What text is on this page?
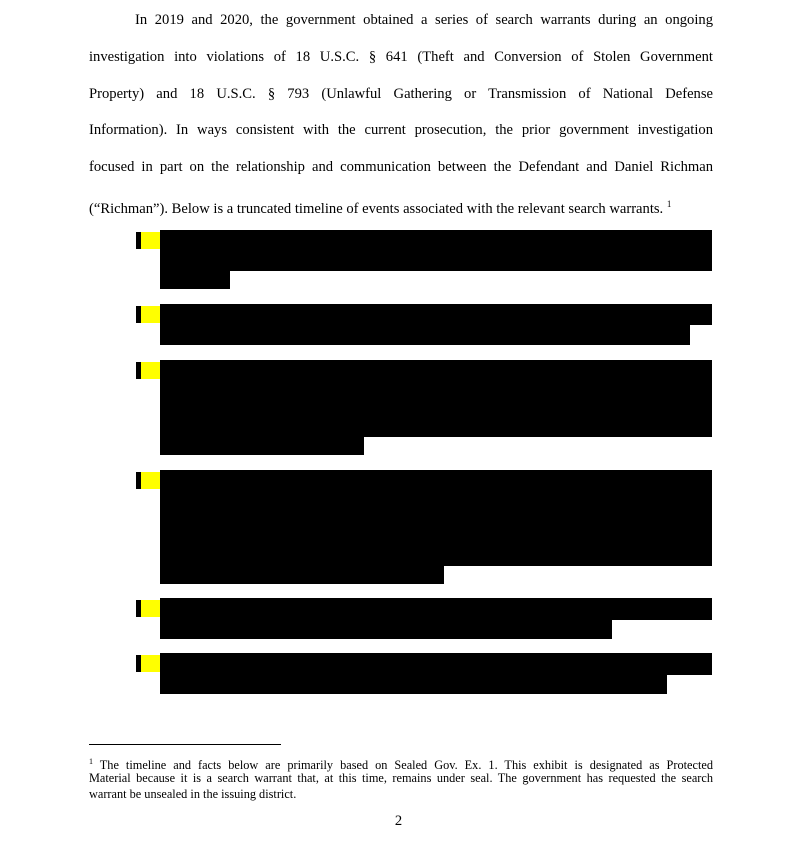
In 2019 and 2020, the government obtained a series of search warrants during an ongoing
investigation into violations of 18 U.S.C. § 641 (Theft and Conversion of Stolen Government
Property) and 18 U.S.C. § 793 (Unlawful Gathering or Transmission of National Defense
Information). In ways consistent with the current prosecution, the prior government investigation
focused in part on the relationship and communication between the Defendant and Daniel Richman
(“Richman”). Below is a truncated timeline of events associated with the relevant search warrants. $^1$
$^1$ The timeline and facts below are primarily based on Sealed Gov. Ex. 1. This exhibit is designated as Protected
Material because it is a search warrant that, at this time, remains under seal. The government has requested the search
warrant be unsealed in the issuing district.
2
